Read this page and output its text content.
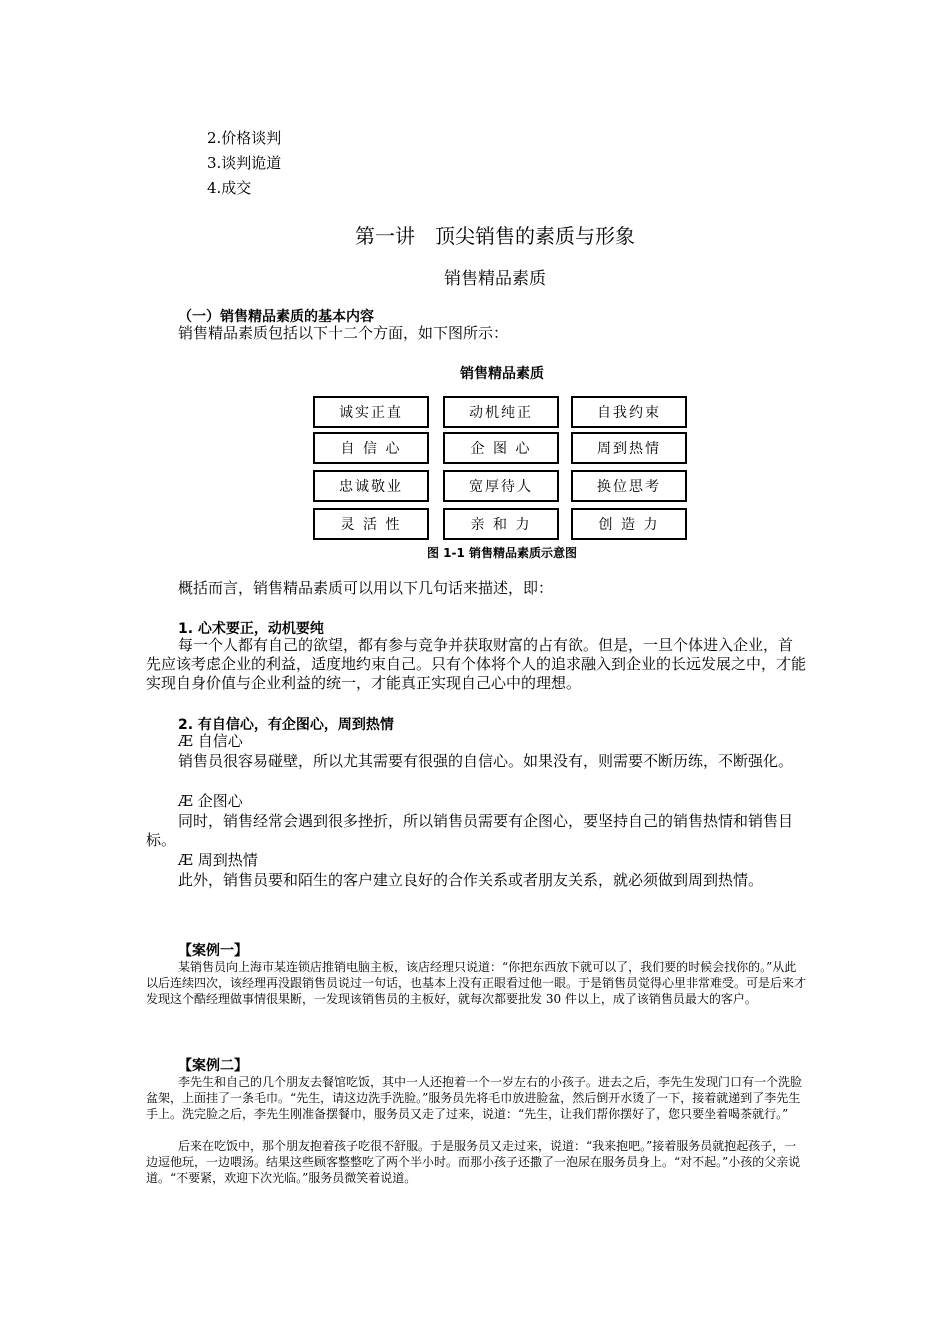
2.价格谈判
3.谈判诡道
4.成交
第一讲　顶尖销售的素质与形象
销售精品素质
（一）销售精品素质的基本内容
销售精品素质包括以下十二个方面，如下图所示：
销售精品素质
诚实正直	动机纯正	自我约束
自 信 心	企 图 心	周到热情
忠诚敬业	宽厚待人	换位思考
灵 活 性	亲 和 力	创 造 力
图 1-1 销售精品素质示意图
概括而言，销售精品素质可以用以下几句话来描述，即：
1. 心术要正，动机要纯
每一个人都有自己的欲望，都有参与竞争并获取财富的占有欲。但是，一旦个体进入企业，首先应该考虑企业的利益，适度地约束自己。只有个体将个人的追求融入到企业的长远发展之中，才能实现自身价值与企业利益的统一，才能真正实现自己心中的理想。
2. 有自信心，有企图心，周到热情
Æ 自信心
销售员很容易碰壁，所以尤其需要有很强的自信心。如果没有，则需要不断历练，不断强化。
Æ 企图心
同时，销售经常会遇到很多挫折，所以销售员需要有企图心，要坚持自己的销售热情和销售目标。
Æ 周到热情
此外，销售员要和陌生的客户建立良好的合作关系或者朋友关系，就必须做到周到热情。
【案例一】
某销售员向上海市某连锁店推销电脑主板，该店经理只说道：“你把东西放下就可以了，我们要的时候会找你的。”从此以后连续四次，该经理再没跟销售员说过一句话，也基本上没有正眼看过他一眼。于是销售员觉得心里非常难受。可是后来才发现这个酷经理做事情很果断，一发现该销售员的主板好，就每次都要批发 30 件以上，成了该销售员最大的客户。
【案例二】
李先生和自己的几个朋友去餐馆吃饭，其中一人还抱着一个一岁左右的小孩子。进去之后，李先生发现门口有一个洗脸盆架，上面挂了一条毛巾。“先生，请这边洗手洗脸。”服务员先将毛巾放进脸盆，然后倒开水烫了一下，接着就递到了李先生手上。洗完脸之后，李先生刚准备摆餐巾，服务员又走了过来，说道：“先生，让我们帮你摆好了，您只要坐着喝茶就行。”
后来在吃饭中，那个朋友抱着孩子吃很不舒服。于是服务员又走过来，说道：“我来抱吧。”接着服务员就抱起孩子，一边逗他玩，一边喂汤。结果这些顾客整整吃了两个半小时。而那小孩子还撒了一泡尿在服务员身上。“对不起。”小孩的父亲说道。“不要紧，欢迎下次光临。”服务员微笑着说道。
